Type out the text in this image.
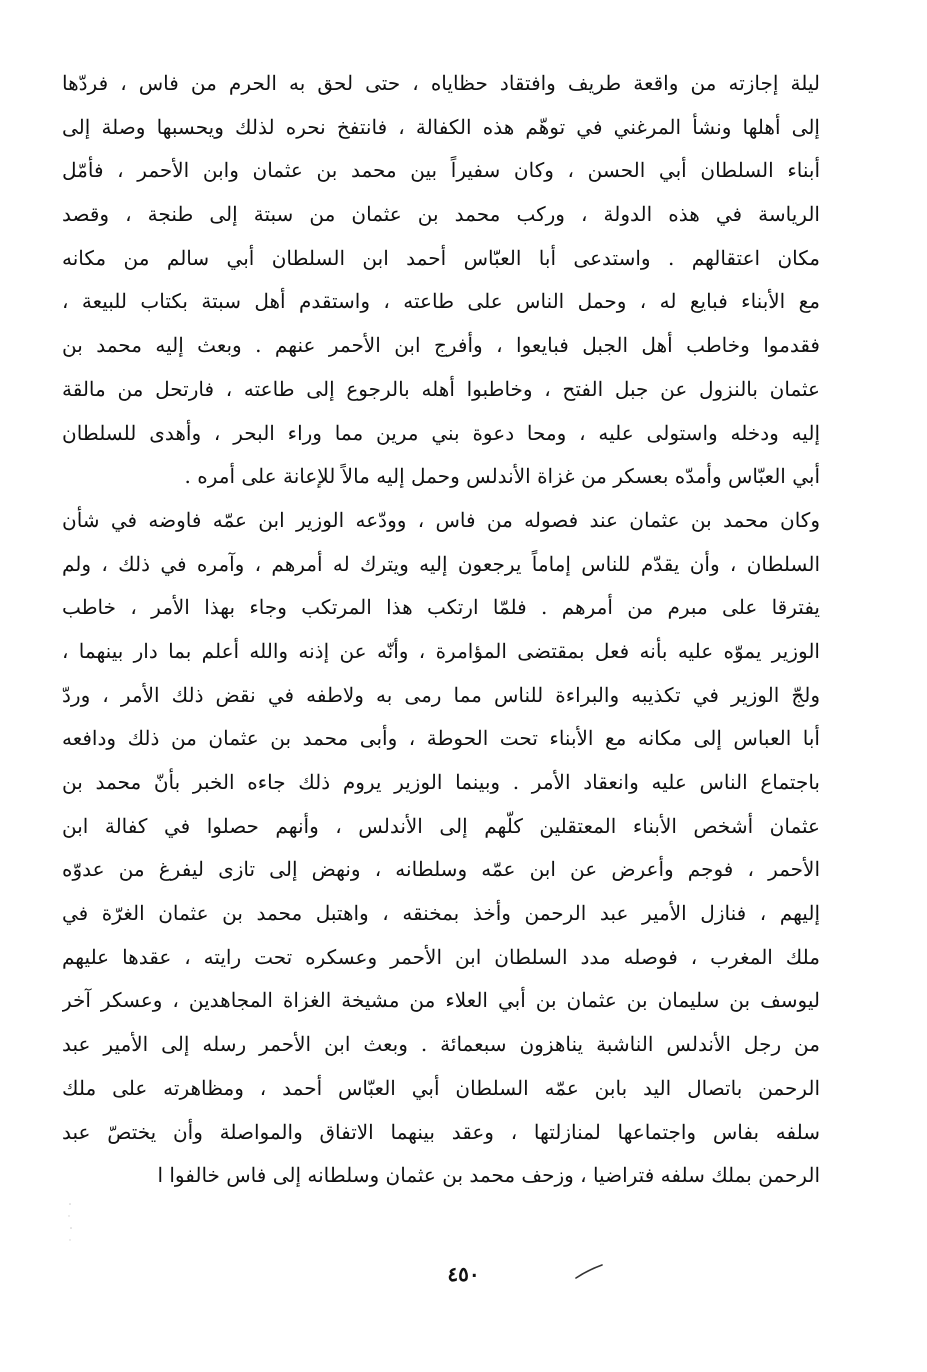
ليلة إجازته من واقعة طريف وافتقاد حظاياه ، حتى لحق به الحرم من فاس ، فردّها
إلى أهلها ونشأ المرغني في توهّم هذه الكفالة ، فانتفخ نحره لذلك ويحسبها وصلة إلى
أبناء السلطان أبي الحسن ، وكان سفيراً بين محمد بن عثمان وابن الأحمر ، فأمّل
الرياسة في هذه الدولة ، وركب محمد بن عثمان من سبتة إلى طنجة ، وقصد
مكان اعتقالهم . واستدعى أبا العبّاس أحمد ابن السلطان أبي سالم من مكانه
مع الأبناء فبايع له ، وحمل الناس على طاعته ، واستقدم أهل سبتة بكتاب للبيعة ،
فقدموا وخاطب أهل الجبل فبايعوا ، وأفرج ابن الأحمر عنهم . وبعث إليه محمد بن
عثمان بالنزول عن جبل الفتح ، وخاطبوا أهله بالرجوع إلى طاعته ، فارتحل من مالقة
إليه ودخله واستولى عليه ، ومحا دعوة بني مرين مما وراء البحر ، وأهدى للسلطان
أبي العبّاس وأمدّه بعسكر من غزاة الأندلس وحمل إليه مالاً للإعانة على أمره .
وكان محمد بن عثمان عند فصوله من فاس ، وودّعه الوزير ابن عمّه فاوضه في شأن
السلطان ، وأن يقدّم للناس إماماً يرجعون إليه ويترك له أمرهم ، وآمره في ذلك ، ولم
يفترقا على مبرم من أمرهم . فلمّا ارتكب هذا المرتكب وجاء بهذا الأمر ، خاطب
الوزير يموّه عليه بأنه فعل بمقتضى المؤامرة ، وأنّه عن إذنه والله أعلم بما دار بينهما ،
ولجّ الوزير في تكذيبه والبراءة للناس مما رمى به ولاطفه في نقض ذلك الأمر ، وردّ
أبا العباس إلى مكانه مع الأبناء تحت الحوطة ، وأبى محمد بن عثمان من ذلك ودافعه
باجتماع الناس عليه وانعقاد الأمر . وبينما الوزير يروم ذلك جاءه الخبر بأنّ محمد بن
عثمان أشخص الأبناء المعتقلين كلّهم إلى الأندلس ، وأنهم حصلوا في كفالة ابن
الأحمر ، فوجم وأعرض عن ابن عمّه وسلطانه ، ونهض إلى تازى ليفرغ من عدوّه
إليهم ، فنازل الأمير عبد الرحمن وأخذ بمخنقه ، واهتبل محمد بن عثمان الغرّة في
ملك المغرب ، فوصله مدد السلطان ابن الأحمر وعسكره تحت رايته ، عقدها عليهم
ليوسف بن سليمان بن عثمان بن أبي العلاء من مشيخة الغزاة المجاهدين ، وعسكر آخر
من رجل الأندلس الناشبة يناهزون سبعمائة . وبعث ابن الأحمر رسله إلى الأمير عبد
الرحمن باتصال اليد بابن عمّه السلطان أبي العبّاس أحمد ، ومظاهرته على ملك
سلفه بفاس واجتماعها لمنازلتها ، وعقد بينهما الاتفاق والمواصلة وأن يختصّ عبد
الرحمن بملك سلفه فتراضيا ، وزحف محمد بن عثمان وسلطانه إلى فاس خالفوا ا
٤٥٠
